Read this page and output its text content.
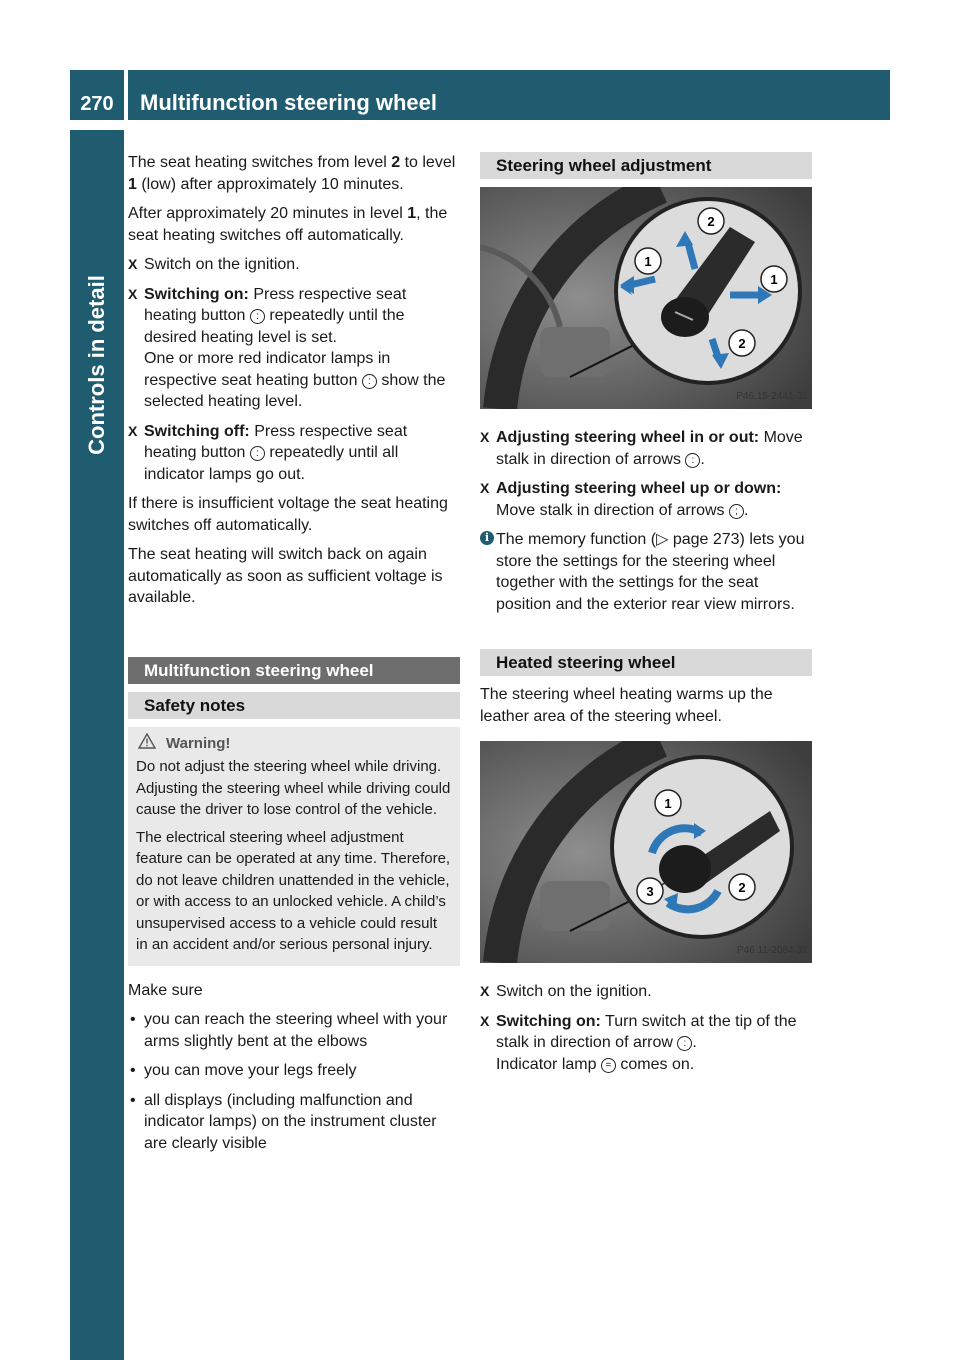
270	Multifunction steering wheel
Controls in detail

The seat heating switches from level 2 to level 1 (low) after approximately 10 minutes.

After approximately 20 minutes in level 1, the seat heating switches off automatically.

X Switch on the ignition.
X Switching on: Press respective seat heating button : repeatedly until the desired heating level is set.
One or more red indicator lamps in respective seat heating button : show the selected heating level.
X Switching off: Press respective seat heating button : repeatedly until all indicator lamps go out.

If there is insufficient voltage the seat heating switches off automatically.

The seat heating will switch back on again automatically as soon as sufficient voltage is available.

Multifunction steering wheel
Safety notes
Warning!

Do not adjust the steering wheel while driving. Adjusting the steering wheel while driving could cause the driver to lose control of the vehicle.

The electrical steering wheel adjustment feature can be operated at any time. Therefore, do not leave children unattended in the vehicle, or with access to an unlocked vehicle. A child’s unsupervised access to a vehicle could result in an accident and/or serious personal injury.

Make sure

• you can reach the steering wheel with your arms slightly bent at the elbows
• you can move your legs freely
• all displays (including malfunction and indicator lamps) on the instrument cluster are clearly visible
Steering wheel adjustment
1
2
1
2
P46.15-2441-31
X Adjusting steering wheel in or out: Move stalk in direction of arrows : .
X Adjusting steering wheel up or down: Move stalk in direction of arrows ; .
i The memory function (▷ page 273) lets you store the settings for the steering wheel together with the settings for the seat position and the exterior rear view mirrors.
Heated steering wheel

The steering wheel heating warms up the leather area of the steering wheel.

1
2
3
P46.11-2084-31
X Switch on the ignition.
X Switching on: Turn switch at the tip of the stalk in direction of arrow : .
Indicator lamp = comes on.
